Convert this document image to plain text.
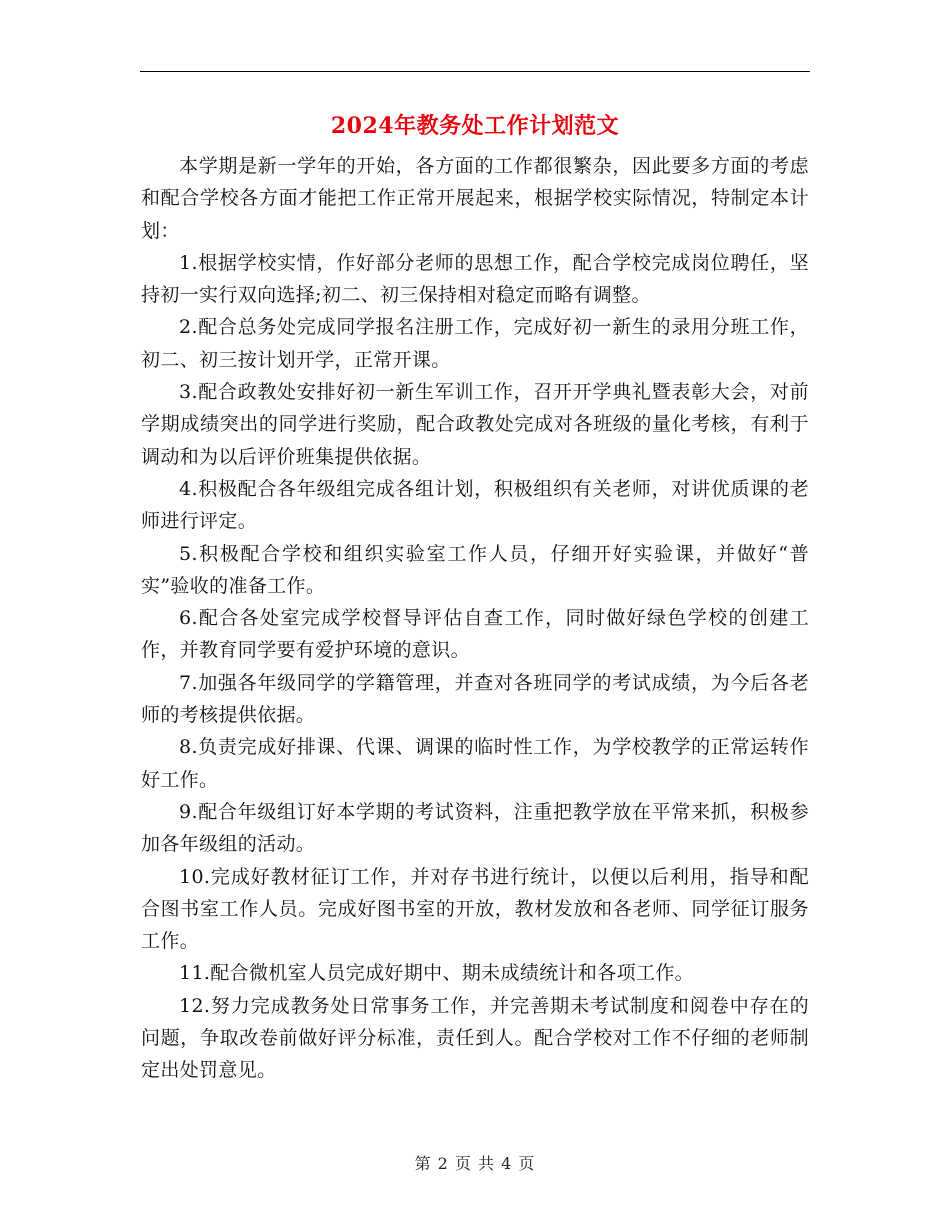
2024年教务处工作计划范文

本学期是新一学年的开始，各方面的工作都很繁杂，因此要多方面的考虑和配合学校各方面才能把工作正常开展起来，根据学校实际情况，特制定本计划：

1.根据学校实情，作好部分老师的思想工作，配合学校完成岗位聘任，坚持初一实行双向选择;初二、初三保持相对稳定而略有调整。

2.配合总务处完成同学报名注册工作，完成好初一新生的录用分班工作，初二、初三按计划开学，正常开课。

3.配合政教处安排好初一新生军训工作，召开开学典礼暨表彰大会，对前学期成绩突出的同学进行奖励，配合政教处完成对各班级的量化考核，有利于调动和为以后评价班集提供依据。

4.积极配合各年级组完成各组计划，积极组织有关老师，对讲优质课的老师进行评定。

5.积极配合学校和组织实验室工作人员，仔细开好实验课，并做好“普实”验收的准备工作。

6.配合各处室完成学校督导评估自查工作，同时做好绿色学校的创建工作，并教育同学要有爱护环境的意识。

7.加强各年级同学的学籍管理，并查对各班同学的考试成绩，为今后各老师的考核提供依据。

8.负责完成好排课、代课、调课的临时性工作，为学校教学的正常运转作好工作。

9.配合年级组订好本学期的考试资料，注重把教学放在平常来抓，积极参加各年级组的活动。

10.完成好教材征订工作，并对存书进行统计，以便以后利用，指导和配合图书室工作人员。完成好图书室的开放，教材发放和各老师、同学征订服务工作。

11.配合微机室人员完成好期中、期未成绩统计和各项工作。

12.努力完成教务处日常事务工作，并完善期未考试制度和阅卷中存在的问题，争取改卷前做好评分标准，责任到人。配合学校对工作不仔细的老师制定出处罚意见。

第 2 页 共 4 页
